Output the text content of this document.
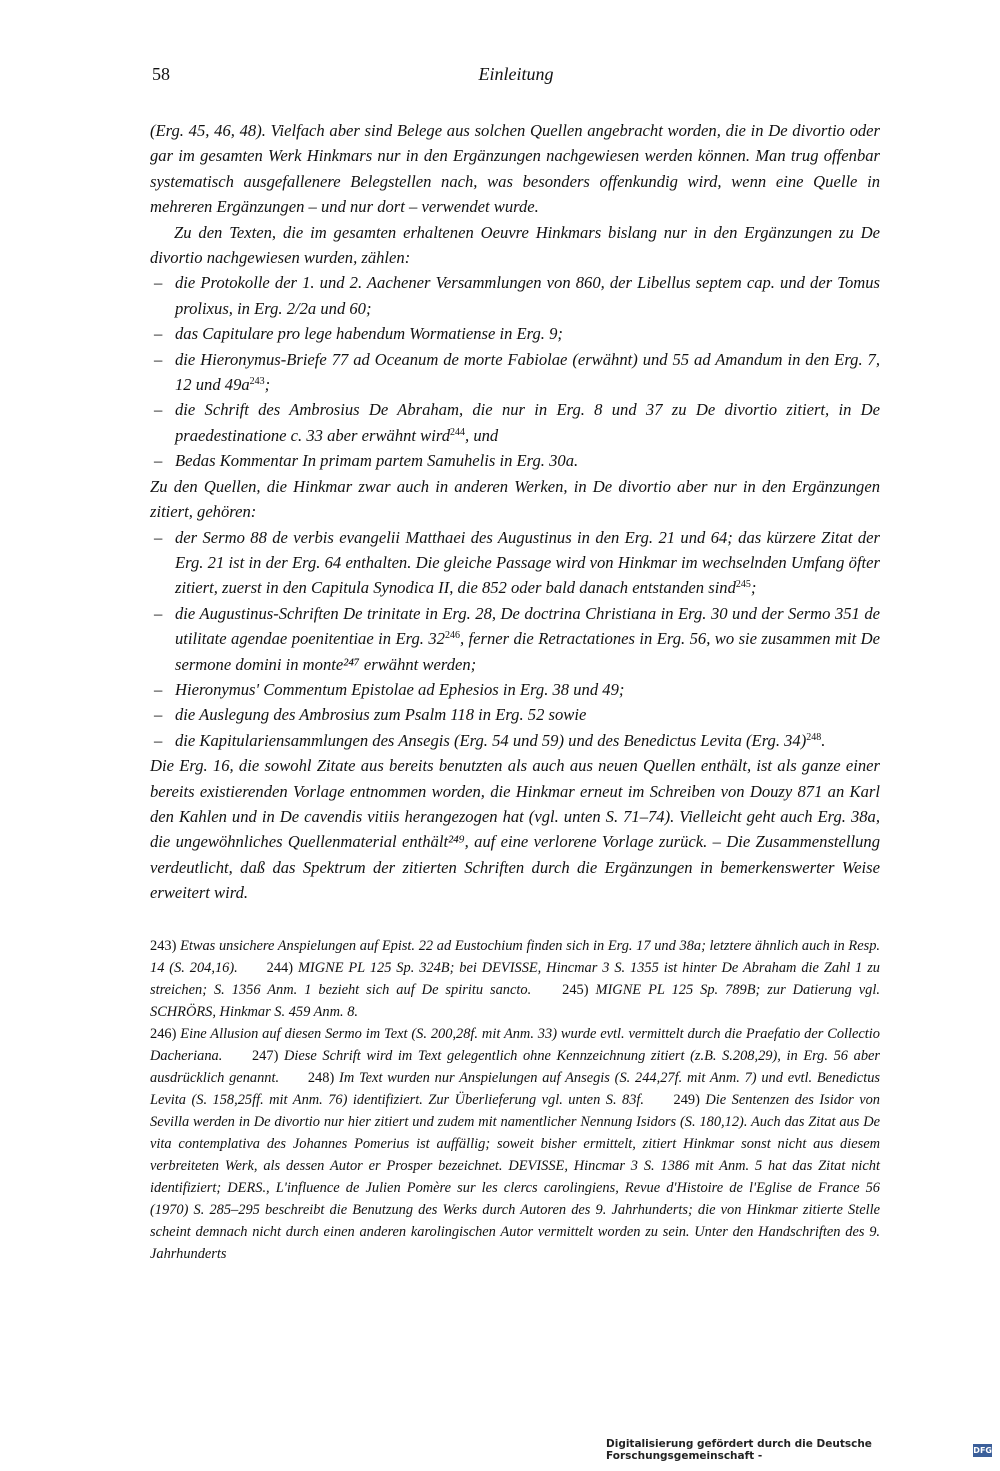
58	Einleitung

(Erg. 45, 46, 48). Vielfach aber sind Belege aus solchen Quellen angebracht worden, die in De divortio oder gar im gesamten Werk Hinkmars nur in den Ergänzungen nachgewiesen werden können. Man trug offenbar systematisch ausgefallenere Belegstellen nach, was besonders offenkundig wird, wenn eine Quelle in mehreren Ergänzungen – und nur dort – verwendet wurde.

Zu den Texten, die im gesamten erhaltenen Oeuvre Hinkmars bislang nur in den Ergänzungen zu De divortio nachgewiesen wurden, zählen:

– die Protokolle der 1. und 2. Aachener Versammlungen von 860, der Libellus septem cap. und der Tomus prolixus, in Erg. 2/2a und 60;
– das Capitulare pro lege habendum Wormatiense in Erg. 9;
– die Hieronymus-Briefe 77 ad Oceanum de morte Fabiolae (erwähnt) und 55 ad Amandum in den Erg. 7, 12 und $49a^{243}$;
– die Schrift des Ambrosius De Abraham, die nur in Erg. 8 und 37 zu De divortio zitiert, in De praedestinatione c. 33 aber erwähnt wird$^{244}$, und
– Bedas Kommentar In primam partem Samuhelis in Erg. 30a.

Zu den Quellen, die Hinkmar zwar auch in anderen Werken, in De divortio aber nur in den Ergänzungen zitiert, gehören:

– der Sermo 88 de verbis evangelii Matthaei des Augustinus in den Erg. 21 und 64; das kürzere Zitat der Erg. 21 ist in der Erg. 64 enthalten. Die gleiche Passage wird von Hinkmar im wechselnden Umfang öfter zitiert, zuerst in den Capitula Synodica II, die 852 oder bald danach entstanden sind$^{245}$;
– die Augustinus-Schriften De trinitate in Erg. 28, De doctrina Christiana in Erg. 30 und der Sermo 351 de utilitate agendae poenitentiae in Erg. $32^{246}$, ferner die Retractationes in Erg. 56, wo sie zusammen mit De sermone domini in monte²⁴⁷ erwähnt werden;
– Hieronymus' Commentum Epistolae ad Ephesios in Erg. 38 und 49;
– die Auslegung des Ambrosius zum Psalm 118 in Erg. 52 sowie
– die Kapitulariensammlungen des Ansegis (Erg. 54 und 59) und des Benedictus Levita (Erg. 34)$^{248}$.

Die Erg. 16, die sowohl Zitate aus bereits benutzten als auch aus neuen Quellen enthält, ist als ganze einer bereits existierenden Vorlage entnommen worden, die Hinkmar erneut im Schreiben von Douzy 871 an Karl den Kahlen und in De cavendis vitiis herangezogen hat (vgl. unten S. 71–74). Vielleicht geht auch Erg. 38a, die ungewöhnliches Quellenmaterial enthält²⁴⁹, auf eine verlorene Vorlage zurück. – Die Zusammenstellung verdeutlicht, daß das Spektrum der zitierten Schriften durch die Ergänzungen in bemerkenswerter Weise erweitert wird.

243) Etwas unsichere Anspielungen auf Epist. 22 ad Eustochium finden sich in Erg. 17 und 38a; letztere ähnlich auch in Resp. 14 (S. 204,16). 244) MIGNE PL 125 Sp. 324B; bei DEVISSE, Hincmar 3 S. 1355 ist hinter De Abraham die Zahl 1 zu streichen; S. 1356 Anm. 1 bezieht sich auf De spiritu sancto. 245) MIGNE PL 125 Sp. 789B; zur Datierung vgl. SCHRÖRS, Hinkmar S. 459 Anm. 8.
246) Eine Allusion auf diesen Sermo im Text (S. 200,28f. mit Anm. 33) wurde evtl. vermittelt durch die Praefatio der Collectio Dacheriana. 247) Diese Schrift wird im Text gelegentlich ohne Kennzeichnung zitiert (z.B. S.208,29), in Erg. 56 aber ausdrücklich genannt. 248) Im Text wurden nur Anspielungen auf Ansegis (S. 244,27f. mit Anm. 7) und evtl. Benedictus Levita (S. 158,25ff. mit Anm. 76) identifiziert. Zur Überlieferung vgl. unten S. 83f. 249) Die Sentenzen des Isidor von Sevilla werden in De divortio nur hier zitiert und zudem mit namentlicher Nennung Isidors (S. 180,12). Auch das Zitat aus De vita contemplativa des Johannes Pomerius ist auffällig; soweit bisher ermittelt, zitiert Hinkmar sonst nicht aus diesem verbreiteten Werk, als dessen Autor er Prosper bezeichnet. DEVISSE, Hincmar 3 S. 1386 mit Anm. 5 hat das Zitat nicht identifiziert; DERS., L'influence de Julien Pomère sur les clercs carolingiens, Revue d'Histoire de l'Eglise de France 56 (1970) S. 285–295 beschreibt die Benutzung des Werks durch Autoren des 9. Jahrhunderts; die von Hinkmar zitierte Stelle scheint demnach nicht durch einen anderen karolingischen Autor vermittelt worden zu sein. Unter den Handschriften des 9. Jahrhunderts
Digitalisierung gefördert durch die Deutsche Forschungsgemeinschaft -	DFG
